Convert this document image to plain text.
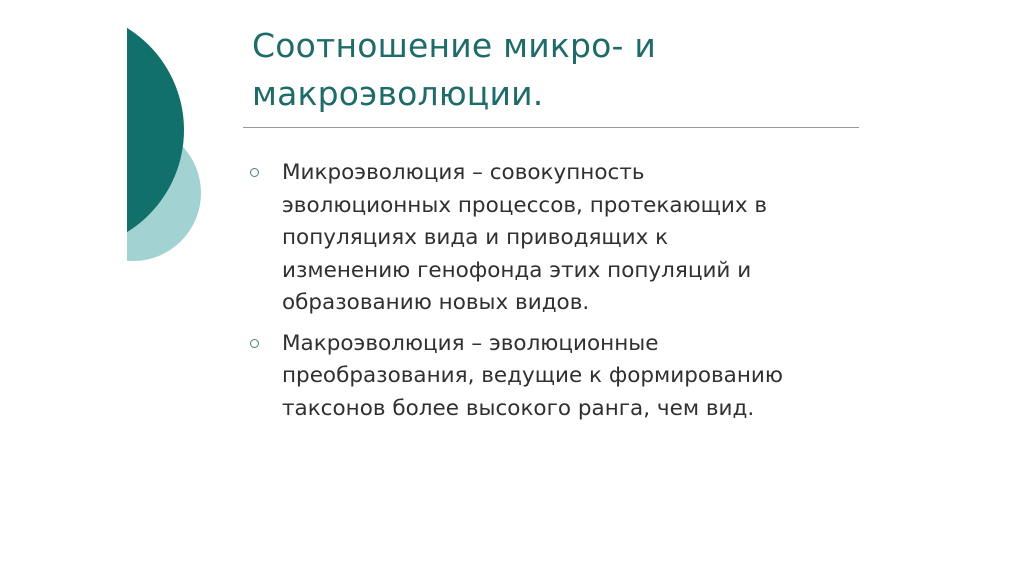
Соотношение микро- и
макроэволюции.
Микроэволюция – совокупность
эволюционных процессов, протекающих в
популяциях вида и приводящих к
изменению генофонда этих популяций и
образованию новых видов.
Макроэволюция – эволюционные
преобразования, ведущие к формированию
таксонов более высокого ранга, чем вид.
